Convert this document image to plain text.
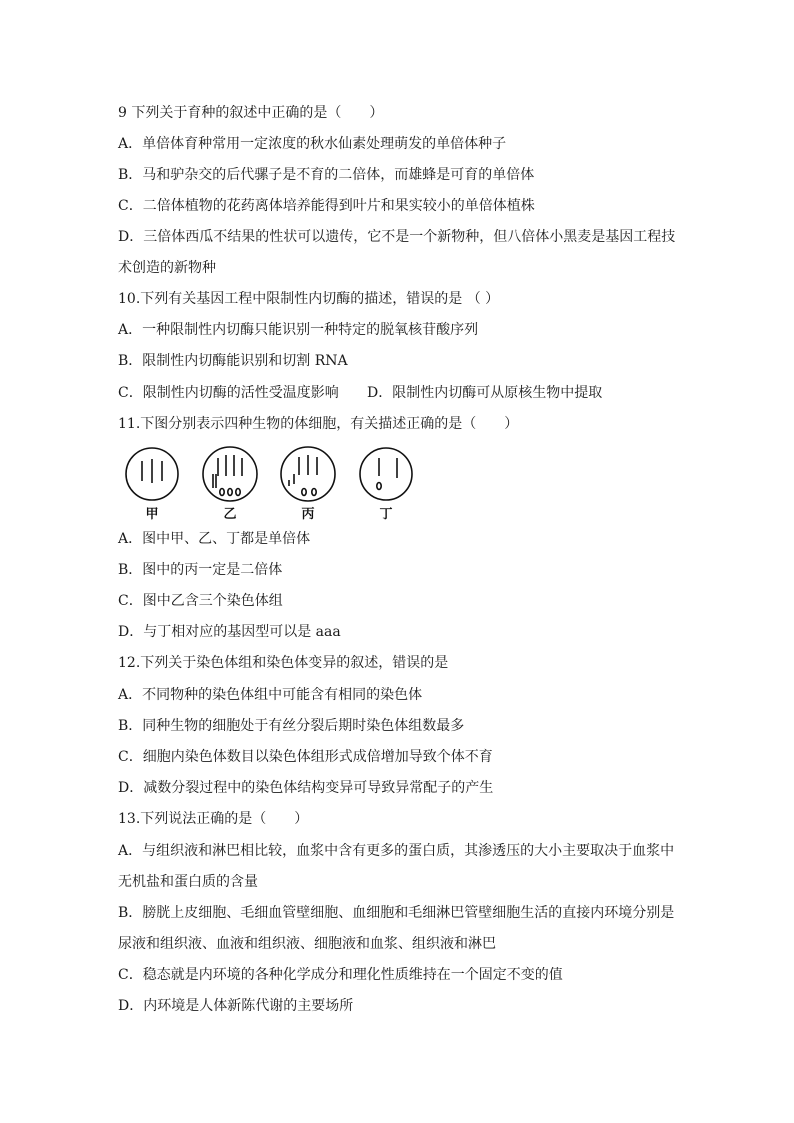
9 下列关于育种的叙述中正确的是（　　）
A．单倍体育种常用一定浓度的秋水仙素处理萌发的单倍体种子
B．马和驴杂交的后代骡子是不育的二倍体，而雄蜂是可育的单倍体
C．二倍体植物的花药离体培养能得到叶片和果实较小的单倍体植株
D．三倍体西瓜不结果的性状可以遗传，它不是一个新物种，但八倍体小黑麦是基因工程技
术创造的新物种
10.下列有关基因工程中限制性内切酶的描述，错误的是 （ ）
A．一种限制性内切酶只能识别一种特定的脱氧核苷酸序列
B．限制性内切酶能识别和切割 RNA
C．限制性内切酶的活性受温度影响 D．限制性内切酶可从原核生物中提取
11.下图分别表示四种生物的体细胞，有关描述正确的是（　　）
甲	乙	丙	丁
A．图中甲、乙、丁都是单倍体
B．图中的丙一定是二倍体
C．图中乙含三个染色体组
D．与丁相对应的基因型可以是 aaa
12.下列关于染色体组和染色体变异的叙述，错误的是
A．不同物种的染色体组中可能含有相同的染色体
B．同种生物的细胞处于有丝分裂后期时染色体组数最多
C．细胞内染色体数目以染色体组形式成倍增加导致个体不育
D．减数分裂过程中的染色体结构变异可导致异常配子的产生
13.下列说法正确的是（　　）
A．与组织液和淋巴相比较，血浆中含有更多的蛋白质，其渗透压的大小主要取决于血浆中
无机盐和蛋白质的含量
B．膀胱上皮细胞、毛细血管壁细胞、血细胞和毛细淋巴管壁细胞生活的直接内环境分别是
尿液和组织液、血液和组织液、细胞液和血浆、组织液和淋巴
C．稳态就是内环境的各种化学成分和理化性质维持在一个固定不变的值
D．内环境是人体新陈代谢的主要场所
